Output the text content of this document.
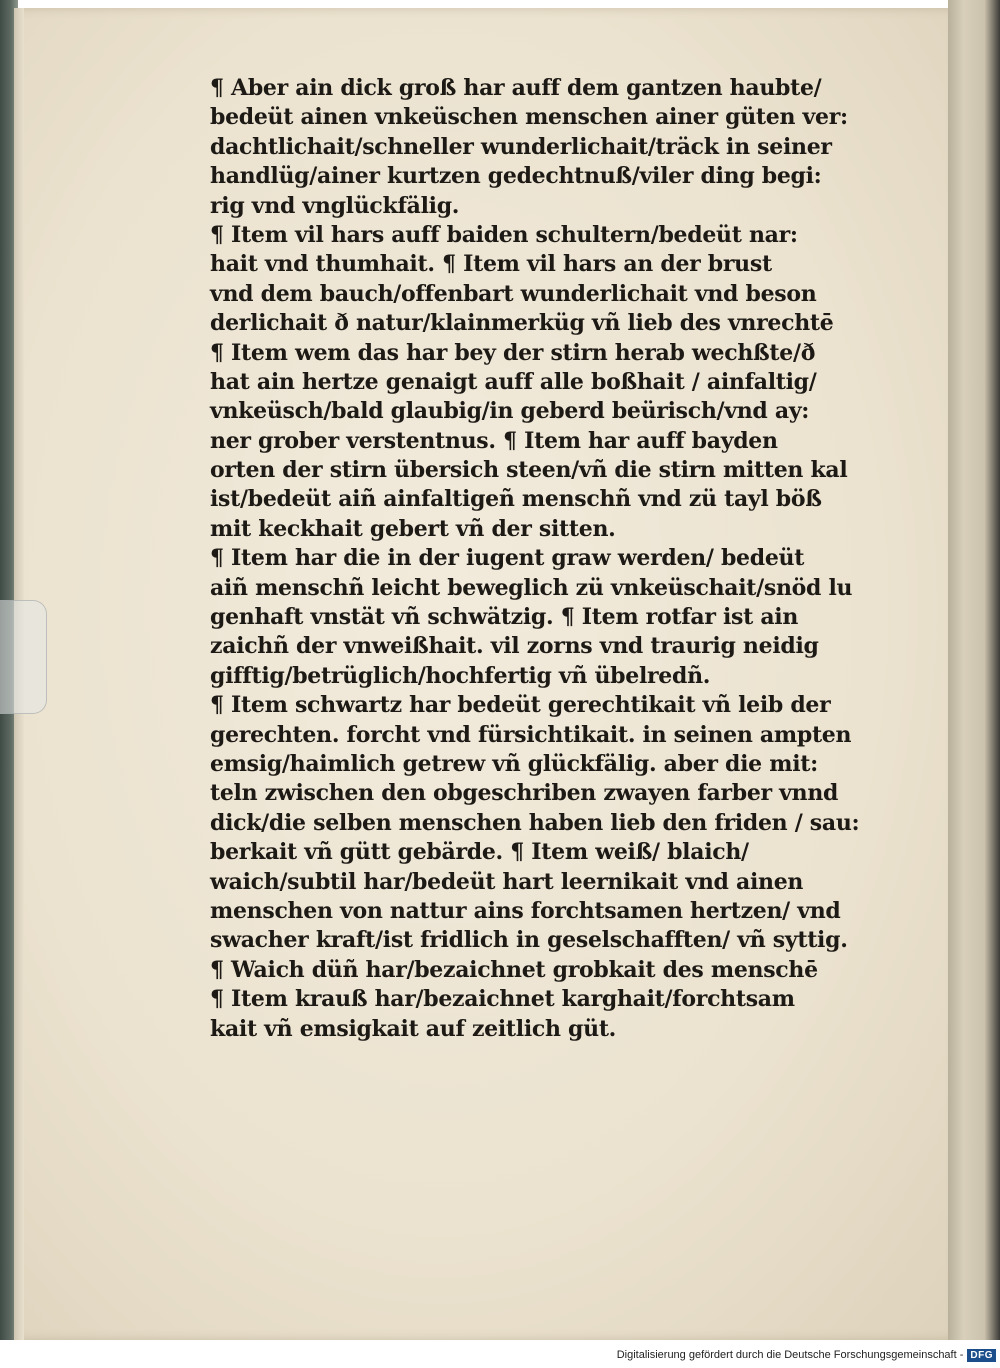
¶ Aber ain dick groß har auff dem gantzen haubte/
bedeüt ainen vnkeüschen menschen ainer güten ver:
dachtlichait/schneller wunderlichait/träck in seiner
handlüg/ainer kurtzen gedechtnuß/viler ding begi:
rig vnd vnglückfälig.
¶ Item vil hars auff baiden schultern/bedeüt nar:
hait vnd thumhait. ¶ Item vil hars an der brust
vnd dem bauch/offenbart wunderlichait vnd beson
derlichait ð natur/klainmerküg vñ lieb des vnrechtē
¶ Item wem das har bey der stirn herab wechßte/ð
hat ain hertze genaigt auff alle boßhait / ainfaltig/
vnkeüsch/bald glaubig/in geberd beürisch/vnd ay:
ner grober verstentnus. ¶ Item har auff bayden
orten der stirn übersich steen/vñ die stirn mitten kal
ist/bedeüt aiñ ainfaltigeñ menschñ vnd zü tayl böß
mit keckhait gebert vñ der sitten.
¶ Item har die in der iugent graw werden/ bedeüt
aiñ menschñ leicht beweglich zü vnkeüschait/snöd lu
genhaft vnstät vñ schwätzig. ¶ Item rotfar ist ain
zaichñ der vnweißhait. vil zorns vnd traurig neidig
gifftig/betrüglich/hochfertig vñ übelredñ.
¶ Item schwartz har bedeüt gerechtikait vñ leib der
gerechten. forcht vnd fürsichtikait. in seinen ampten
emsig/haimlich getrew vñ glückfälig. aber die mit:
teln zwischen den obgeschriben zwayen farber vnnd
dick/die selben menschen haben lieb den friden / sau:
berkait vñ gütt gebärde. ¶ Item weiß/ blaich/
waich/subtil har/bedeüt hart leernikait vnd ainen
menschen von nattur ains forchtsamen hertzen/ vnd
swacher kraft/ist fridlich in geselschafften/ vñ syttig.
¶ Waich düñ har/bezaichnet grobkait des menschē
¶ Item krauß har/bezaichnet karghait/forchtsam
kait vñ emsigkait auf zeitlich güt.
Digitalisierung gefördert durch die Deutsche Forschungsgemeinschaft - DFG
